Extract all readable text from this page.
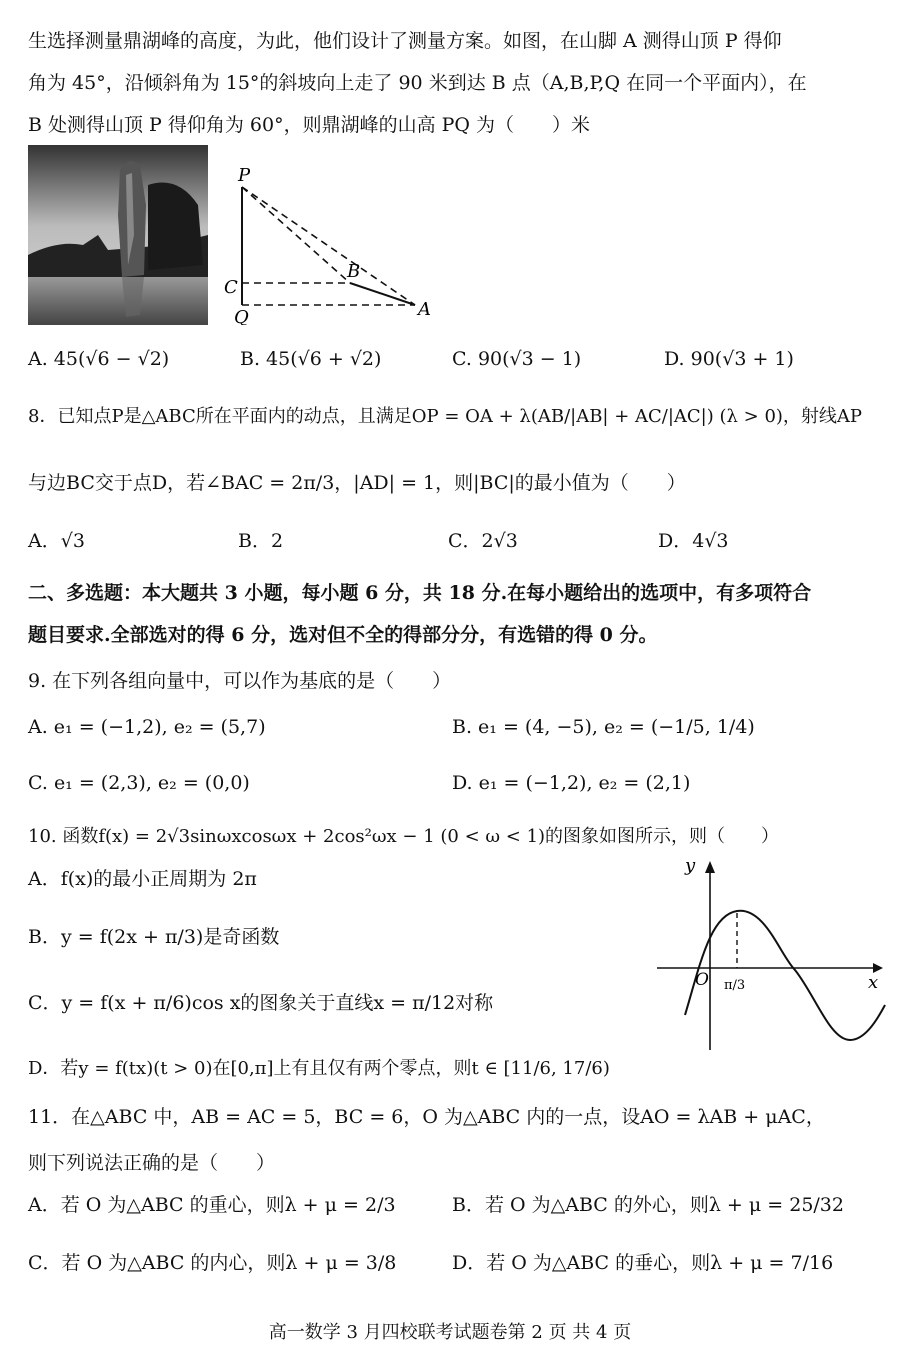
生选择测量鼎湖峰的高度，为此，他们设计了测量方案。如图，在山脚 A 测得山顶 P 得仰
角为 45°，沿倾斜角为 15°的斜坡向上走了 90 米到达 B 点（A,B,P,Q 在同一个平面内），在
B 处测得山顶 P 得仰角为 60°，则鼎湖峰的山高 PQ 为（　　）米
P
B
C
A
Q
A. 45(√6 − √2)	B. 45(√6 + √2)	C. 90(√3 − 1)	D. 90(√3 + 1)
8．已知点P是△ABC所在平面内的动点，且满足OP = OA + λ(AB/|AB| + AC/|AC|) (λ > 0)，射线AP
与边BC交于点D，若∠BAC = 2π/3，|AD| = 1，则|BC|的最小值为（　　）
A．√3	B．2	C．2√3	D．4√3
二、多选题：本大题共 3 小题，每小题 6 分，共 18 分.在每小题给出的选项中，有多项符合
题目要求.全部选对的得 6 分，选对但不全的得部分分，有选错的得 0 分。
9. 在下列各组向量中，可以作为基底的是（　　）
A. e₁ = (−1,2), e₂ = (5,7)	B. e₁ = (4, −5), e₂ = (−1/5, 1/4)
C. e₁ = (2,3), e₂ = (0,0)	D. e₁ = (−1,2), e₂ = (2,1)
10. 函数f(x) = 2√3sinωxcosωx + 2cos²ωx − 1 (0 < ω < 1)的图象如图所示，则（　　）
A．f(x)的最小正周期为 2π
B．y = f(2x + π/3)是奇函数
C．y = f(x + π/6)cos x的图象关于直线x = π/12对称
D．若y = f(tx)(t > 0)在[0,π]上有且仅有两个零点，则t ∈ [11/6, 17/6)
y
x
O π/3
11．在△ABC 中，AB = AC = 5，BC = 6，O 为△ABC 内的一点，设AO = λAB + μAC，
则下列说法正确的是（　　）
A．若 O 为△ABC 的重心，则λ + μ = 2/3	B．若 O 为△ABC 的外心，则λ + μ = 25/32
C．若 O 为△ABC 的内心，则λ + μ = 3/8	D．若 O 为△ABC 的垂心，则λ + μ = 7/16
高一数学 3 月四校联考试题卷第 2 页 共 4 页
